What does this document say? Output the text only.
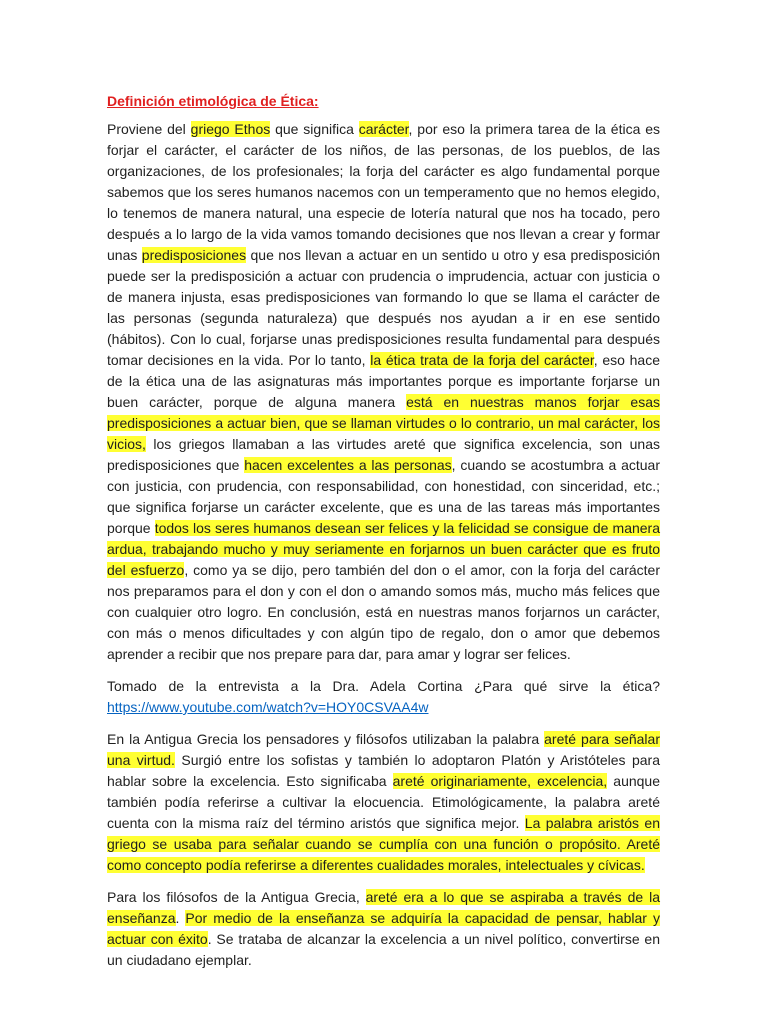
Definición etimológica de Ética:

Proviene del griego Ethos que significa carácter, por eso la primera tarea de la ética es forjar el carácter, el carácter de los niños, de las personas, de los pueblos, de las organizaciones, de los profesionales; la forja del carácter es algo fundamental porque sabemos que los seres humanos nacemos con un temperamento que no hemos elegido, lo tenemos de manera natural, una especie de lotería natural que nos ha tocado, pero después a lo largo de la vida vamos tomando decisiones que nos llevan a crear y formar unas predisposiciones que nos llevan a actuar en un sentido u otro y esa predisposición puede ser la predisposición a actuar con prudencia o imprudencia, actuar con justicia o de manera injusta, esas predisposiciones van formando lo que se llama el carácter de las personas (segunda naturaleza) que después nos ayudan a ir en ese sentido (hábitos). Con lo cual, forjarse unas predisposiciones resulta fundamental para después tomar decisiones en la vida. Por lo tanto, la ética trata de la forja del carácter, eso hace de la ética una de las asignaturas más importantes porque es importante forjarse un buen carácter, porque de alguna manera está en nuestras manos forjar esas predisposiciones a actuar bien, que se llaman virtudes o lo contrario, un mal carácter, los vicios, los griegos llamaban a las virtudes areté que significa excelencia, son unas predisposiciones que hacen excelentes a las personas, cuando se acostumbra a actuar con justicia, con prudencia, con responsabilidad, con honestidad, con sinceridad, etc.; que significa forjarse un carácter excelente, que es una de las tareas más importantes porque todos los seres humanos desean ser felices y la felicidad se consigue de manera ardua, trabajando mucho y muy seriamente en forjarnos un buen carácter que es fruto del esfuerzo, como ya se dijo, pero también del don o el amor, con la forja del carácter nos preparamos para el don y con el don o amando somos más, mucho más felices que con cualquier otro logro. En conclusión, está en nuestras manos forjarnos un carácter, con más o menos dificultades y con algún tipo de regalo, don o amor que debemos aprender a recibir que nos prepare para dar, para amar y lograr ser felices.

Tomado de la entrevista a la Dra. Adela Cortina ¿Para qué sirve la ética? https://www.youtube.com/watch?v=HOY0CSVAA4w

En la Antigua Grecia los pensadores y filósofos utilizaban la palabra areté para señalar una virtud. Surgió entre los sofistas y también lo adoptaron Platón y Aristóteles para hablar sobre la excelencia. Esto significaba areté originariamente, excelencia, aunque también podía referirse a cultivar la elocuencia. Etimológicamente, la palabra areté cuenta con la misma raíz del término aristós que significa mejor. La palabra aristós en griego se usaba para señalar cuando se cumplía con una función o propósito. Areté como concepto podía referirse a diferentes cualidades morales, intelectuales y cívicas.

Para los filósofos de la Antigua Grecia, areté era a lo que se aspiraba a través de la enseñanza. Por medio de la enseñanza se adquiría la capacidad de pensar, hablar y actuar con éxito. Se trataba de alcanzar la excelencia a un nivel político, convertirse en un ciudadano ejemplar.
